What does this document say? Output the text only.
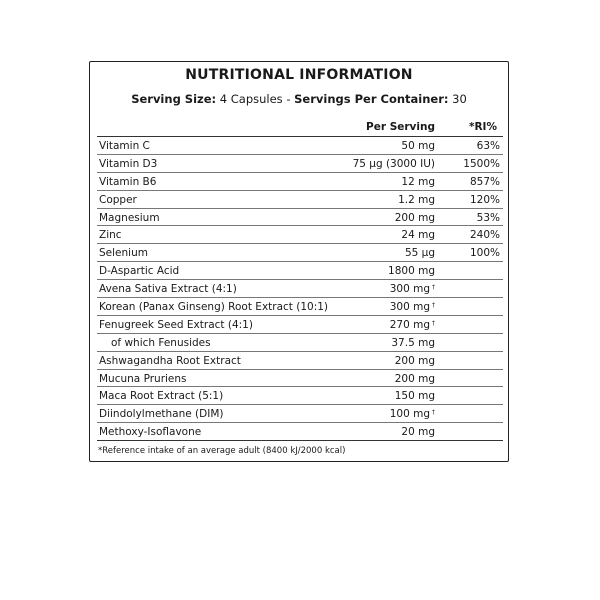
NUTRITIONAL INFORMATION
Serving Size: 4 Capsules - Servings Per Container: 30
Per Serving	*RI%
Vitamin C	50 mg	63%
Vitamin D3	75 µg (3000 IU)	1500%
Vitamin B6	12 mg	857%
Copper	1.2 mg	120%
Magnesium	200 mg	53%
Zinc	24 mg	240%
Selenium	55 µg	100%
D-Aspartic Acid	1800 mg
Avena Sativa Extract (4:1)	300 mg †
Korean (Panax Ginseng) Root Extract (10:1)	300 mg †
Fenugreek Seed Extract (4:1)	270 mg †
of which Fenusides	37.5 mg
Ashwagandha Root Extract	200 mg
Mucuna Pruriens	200 mg
Maca Root Extract (5:1)	150 mg
Diindolylmethane (DIM)	100 mg †
Methoxy-Isoflavone	20 mg
*Reference intake of an average adult (8400 kJ/2000 kcal)
